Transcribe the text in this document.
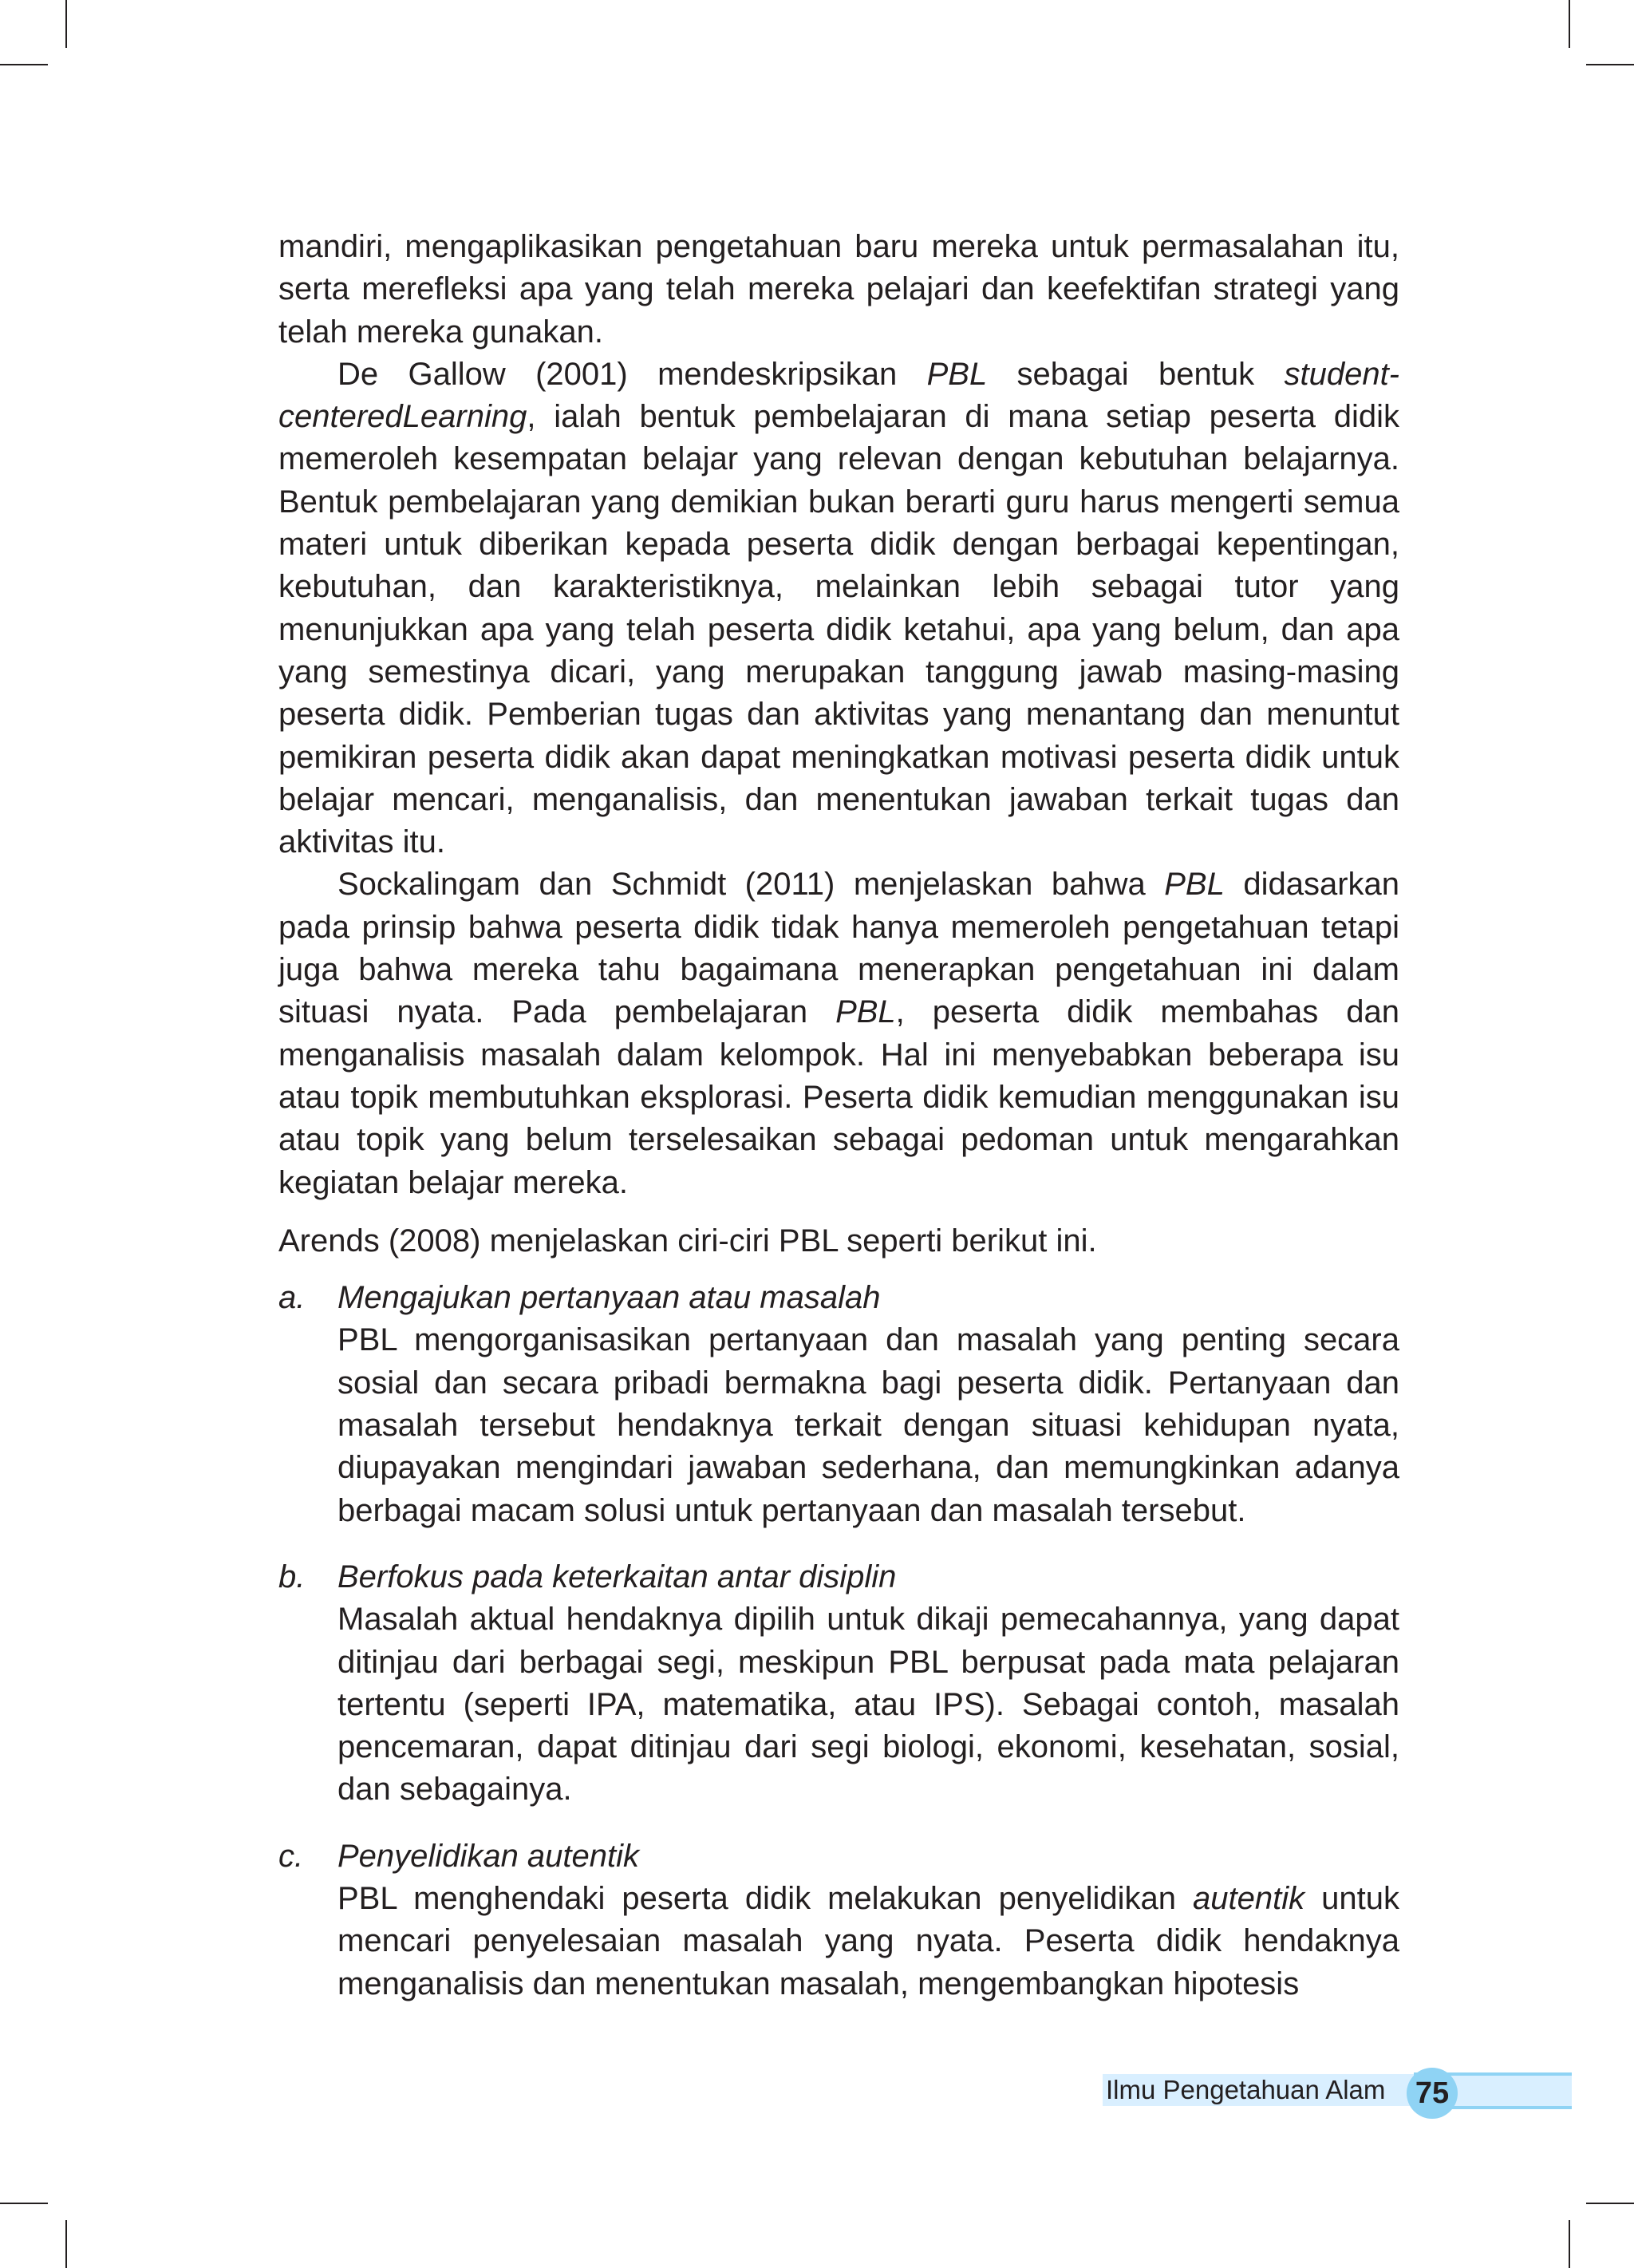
mandiri, mengaplikasikan pengetahuan baru mereka untuk permasalahan itu, serta merefleksi apa yang telah mereka pelajari dan keefektifan strategi yang telah mereka gunakan.

De Gallow (2001) mendeskripsikan PBL sebagai bentuk student-centeredLearning, ialah bentuk pembelajaran di mana setiap peserta didik memeroleh kesempatan belajar yang relevan dengan kebutuhan belajarnya. Bentuk pembelajaran yang demikian bukan berarti guru harus mengerti semua materi untuk diberikan kepada peserta didik dengan berbagai kepentingan, kebutuhan, dan karakteristiknya, melainkan lebih sebagai tutor yang menunjukkan apa yang telah peserta didik ketahui, apa yang belum, dan apa yang semestinya dicari, yang merupakan tanggung jawab masing-masing peserta didik. Pemberian tugas dan aktivitas yang menantang dan menuntut pemikiran peserta didik akan dapat meningkatkan motivasi peserta didik untuk belajar mencari, menganalisis, dan menentukan jawaban terkait tugas dan aktivitas itu.

Sockalingam dan Schmidt (2011) menjelaskan bahwa PBL didasarkan pada prinsip bahwa peserta didik tidak hanya memeroleh pengetahuan tetapi juga bahwa mereka tahu bagaimana menerapkan pengetahuan ini dalam situasi nyata. Pada pembelajaran PBL, peserta didik membahas dan menganalisis masalah dalam kelompok. Hal ini menyebabkan beberapa isu atau topik membutuhkan eksplorasi. Peserta didik kemudian menggunakan isu atau topik yang belum terselesaikan sebagai pedoman untuk mengarahkan kegiatan belajar mereka.

Arends (2008) menjelaskan ciri-ciri PBL seperti berikut ini.

a. Mengajukan pertanyaan atau masalah

PBL mengorganisasikan pertanyaan dan masalah yang penting secara sosial dan secara pribadi bermakna bagi peserta didik. Pertanyaan dan masalah tersebut hendaknya terkait dengan situasi kehidupan nyata, diupayakan mengindari jawaban sederhana, dan memungkinkan adanya berbagai macam solusi untuk pertanyaan dan masalah tersebut.

b. Berfokus pada keterkaitan antar disiplin

Masalah aktual hendaknya dipilih untuk dikaji pemecahannya, yang dapat ditinjau dari berbagai segi, meskipun PBL berpusat pada mata pelajaran tertentu (seperti IPA, matematika, atau IPS). Sebagai contoh, masalah pencemaran, dapat ditinjau dari segi biologi, ekonomi, kesehatan, sosial, dan sebagainya.

c. Penyelidikan autentik

PBL menghendaki peserta didik melakukan penyelidikan autentik untuk mencari penyelesaian masalah yang nyata. Peserta didik hendaknya menganalisis dan menentukan masalah, mengembangkan hipotesis

Ilmu Pengetahuan Alam 75
